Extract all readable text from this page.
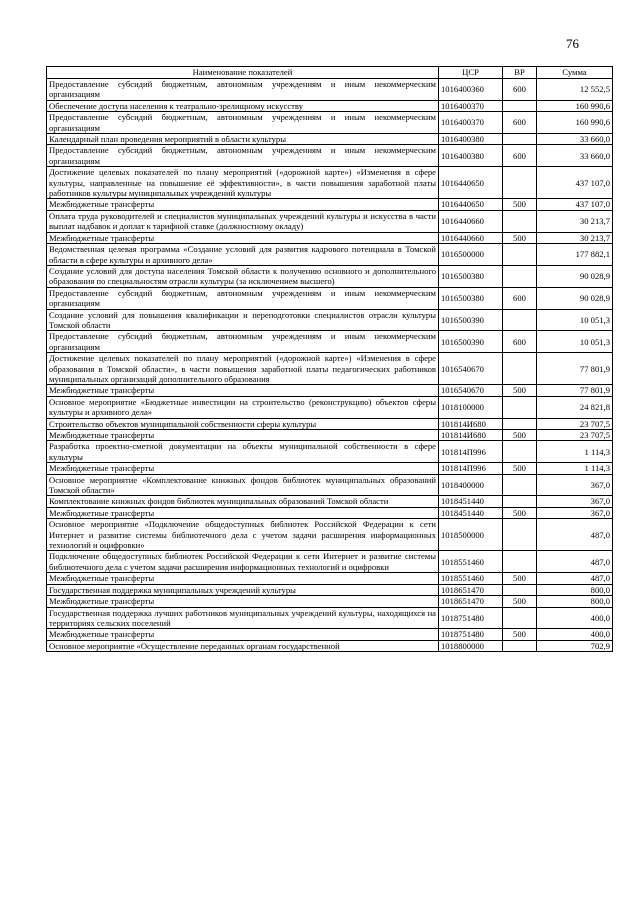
76
Наименование показателей	ЦСР	ВР	Сумма
Предоставление субсидий бюджетным, автономным учреждениям и иным некоммерческим организациям	1016400360	600	12 552,5
Обеспечение доступа населения к театрально-зрелищному искусству	1016400370		160 990,6
Предоставление субсидий бюджетным, автономным учреждениям и иным некоммерческим организациям	1016400370	600	160 990,6
Календарный план проведения мероприятий в области культуры	1016400380		33 660,0
Предоставление субсидий бюджетным, автономным учреждениям и иным некоммерческим организациям	1016400380	600	33 660,0
Достижение целевых показателей по плану мероприятий («дорожной карте») «Изменения в сфере культуры, направленные на повышение её эффективности», в части повышения заработной платы работников культуры муниципальных учреждений культуры	1016440650		437 107,0
Межбюджетные трансферты	1016440650	500	437 107,0
Оплата труда руководителей и специалистов муниципальных учреждений культуры и искусства в части выплат надбавок и доплат к тарифной ставке (должностному окладу)	1016440660		30 213,7
Межбюджетные трансферты	1016440660	500	30 213,7
Ведомственная целевая программа «Создание условий для развития кадрового потенциала в Томской области в сфере культуры и архивного дела»	1016500000		177 882,1
Создание условий для доступа населения Томской области к получению основного и дополнительного образования по специальностям отрасли культуры (за исключением высшего)	1016500380		90 028,9
Предоставление субсидий бюджетным, автономным учреждениям и иным некоммерческим организациям	1016500380	600	90 028,9
Создание условий для повышения квалификации и переподготовки специалистов отрасли культуры Томской области	1016500390		10 051,3
Предоставление субсидий бюджетным, автономным учреждениям и иным некоммерческим организациям	1016500390	600	10 051,3
Достижение целевых показателей по плану мероприятий («дорожной карте») «Изменения в сфере образования в Томской области», в части повышения заработной платы педагогических работников муниципальных организаций дополнительного образования	1016540670		77 801,9
Межбюджетные трансферты	1016540670	500	77 801,9
Основное мероприятие «Бюджетные инвестиции на строительство (реконструкцию) объектов сферы культуры и архивного дела»	1018100000		24 821,8
Строительство объектов муниципальной собственности сферы культуры	101814И680		23 707,5
Межбюджетные трансферты	101814И680	500	23 707,5
Разработка проектно-сметной документации на объекты муниципальной собственности в сфере культуры	101814П996		1 114,3
Межбюджетные трансферты	101814П996	500	1 114,3
Основное мероприятие «Комплектование книжных фондов библиотек муниципальных образований Томской области»	1018400000		367,0
Комплектование книжных фондов библиотек муниципальных образований Томской области	1018451440		367,0
Межбюджетные трансферты	1018451440	500	367,0
Основное мероприятие «Подключение общедоступных библиотек Российской Федерации к сети Интернет и развитие системы библиотечного дела с учетом задачи расширения информационных технологий и оцифровки»	1018500000		487,0
Подключение общедоступных библиотек Российской Федерации к сети Интернет и развитие системы библиотечного дела с учетом задачи расширения информационных технологий и оцифровки	1018551460		487,0
Межбюджетные трансферты	1018551460	500	487,0
Государственная поддержка муниципальных учреждений культуры	1018651470		800,0
Межбюджетные трансферты	1018651470	500	800,0
Государственная поддержка лучших работников муниципальных учреждений культуры, находящихся на территориях сельских поселений	1018751480		400,0
Межбюджетные трансферты	1018751480	500	400,0
Основное мероприятие «Осуществление переданных органам государственной	1018800000		702,9
